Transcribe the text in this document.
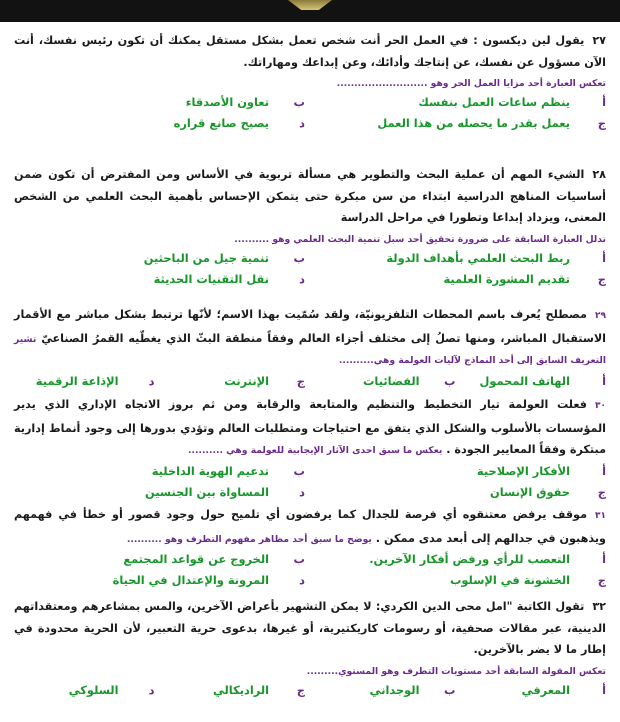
٢٧يقول لين ديكسون : في العمل الحر أنت شخص تعمل بشكل مستقل يمكنك أن تكون رئيس نفسك، أنت الآن مسؤول عن نفسك، عن إنتاجك وأدائك، وعن إبداعك ومهاراتك.
تعكس العبارة أحد مزايا العمل الحر وهو ..........................
أينظم ساعات العمل بنفسك
بتعاون الأصدقاء
جيعمل بقدر ما يحصله من هذا العمل
ديصبح صانع قراره
٢٨الشيء المهم أن عملية البحث والتطوير هي مسألة تربوية في الأساس ومن المفترض أن تكون ضمن أساسيات المناهج الدراسية ابتداء من سن مبكرة حتى يتمكن الإحساس بأهمية البحث العلمي من الشخص المعنى، ويزداد إبداعا وتطورا في مراحل الدراسة
تدلل العبارة السابقة على ضرورة تحقيق أحد سبل تنمية البحث العلمي وهو ..........
أربط البحث العلمي بأهداف الدولة
بتنمية جيل من الباحثين
جتقديم المشورة العلمية
دنقل التقنيات الحديثة
٢٩مصطلح يُعرف باسم المحطات التلفزيونيّة، ولقد سُمّيت بهذا الاسم؛ لأنّها ترتبط بشكل مباشر مع الأقمار الاستقبال المباشر، ومنها تصلُ إلى مختلف أجزاء العالم وفقاً منطقة البثّ الذي يغطّيه القمرُ الصناعيّ تشير التعريف السابق إلى أحد النماذج لآليات العولمة وهي..........
أالهاتف المحمول
بالفضائيات
جالإنترنت
دالإذاعة الرقمية
٣٠فعلت العولمة تيار التخطيط والتنظيم والمتابعة والرقابة ومن ثم بروز الاتجاه الإداري الذي يدير المؤسسات بالأسلوب والشكل الذي يتفق مع احتياجات ومتطلبات العالم وتؤدي بدورها إلى وجود أنماط إدارية مبتكرة وفقاً المعايير الجودة . يعكس ما سبق احدى الآثار الإيجابية للعولمة وهي ..........
أالأفكار الإصلاحية
بتدعيم الهوية الداخلية
جحقوق الإنسان
دالمساواة بين الجنسين
٣١موقف يرفض معتنقوه أي فرصة للجدال كما يرفضون أي تلميح حول وجود قصور أو خطأ في فهمهم ويذهبون في جدالهم إلى أبعد مدى ممكن . يوضح ما سبق أحد مظاهر مفهوم التطرف وهو ..........
أالتعصب للرأي ورفض أفكار الآخرين.
بالخروج عن قواعد المجتمع
جالخشونة في الإسلوب
دالمرونة والإعتدال في الحياة
٣٢تقول الكاتبة "امل محى الدين الكردي: لا يمكن التشهير بأعراض الآخرين، والمس بمشاعرهم ومعتقداتهم الدينية، عبر مقالات صحفية، أو رسومات كاريكتيرية، أو غيرها، بدعوى حرية التعبير، لأن الحرية محدودة في إطار ما لا يضر بالآخرين.
تعكس المقولة السابقة أحد مستويات التطرف وهو المستوي.........
أالمعرفي
بالوجداني
جالراديكالي
دالسلوكي
